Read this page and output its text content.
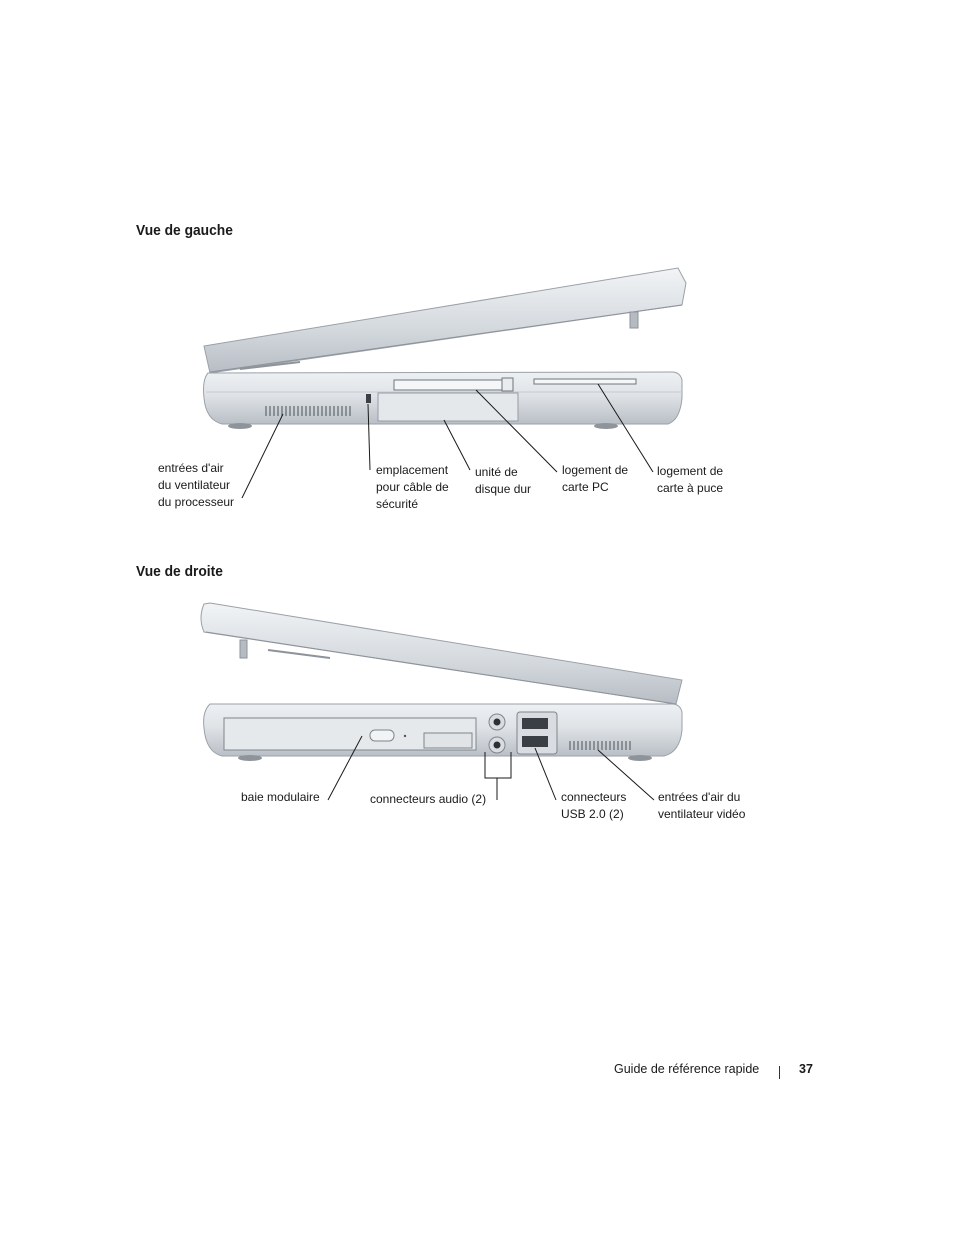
Vue de gauche
entrées d'air
du ventilateur
du processeur
emplacement
pour câble de
sécurité
unité de
disque dur
logement de
carte PC
logement de
carte à puce
Vue de droite
baie modulaire	connecteurs audio (2)	connecteurs
USB 2.0 (2)
entrées d'air du
ventilateur vidéo
Guide de référence rapide	37
